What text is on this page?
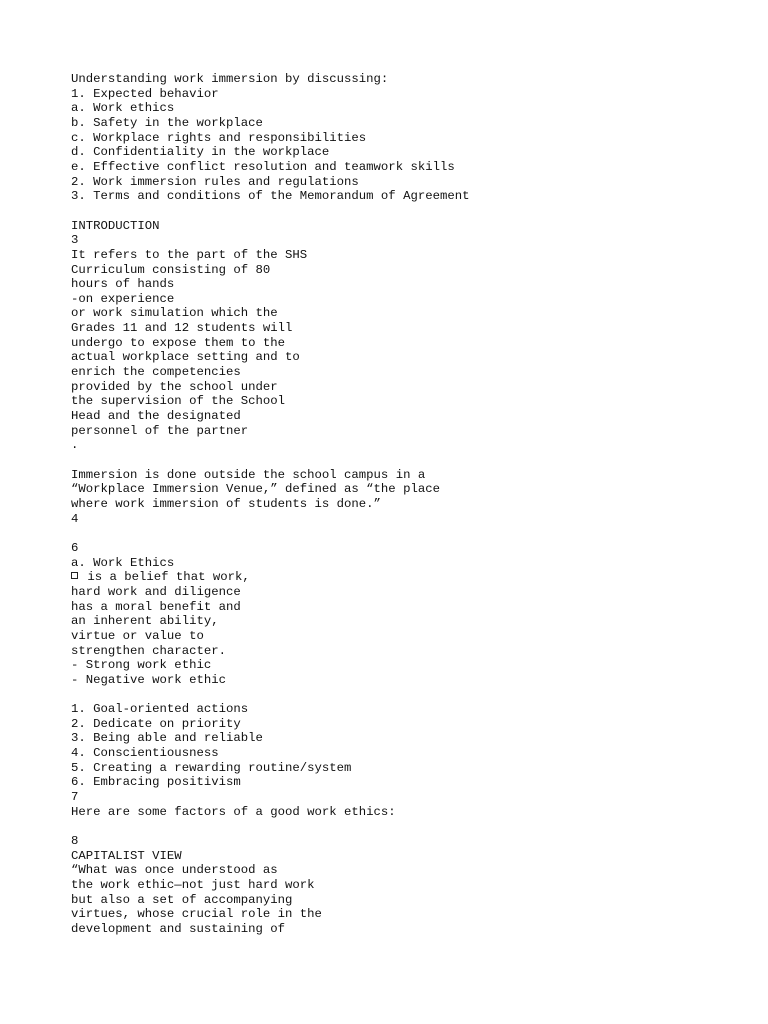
Understanding work immersion by discussing:
1. Expected behavior
a. Work ethics
b. Safety in the workplace
c. Workplace rights and responsibilities
d. Confidentiality in the workplace
e. Effective conflict resolution and teamwork skills
2. Work immersion rules and regulations
3. Terms and conditions of the Memorandum of Agreement
INTRODUCTION
3
It refers to the part of the SHS
Curriculum consisting of 80
hours of hands
-on experience
or work simulation which the
Grades 11 and 12 students will
undergo to expose them to the
actual workplace setting and to
enrich the competencies
provided by the school under
the supervision of the School
Head and the designated
personnel of the partner
.
Immersion is done outside the school campus in a
“Workplace Immersion Venue,” defined as “the place
where work immersion of students is done.”
4
6
a. Work Ethics
is a belief that work,
hard work and diligence
has a moral benefit and
an inherent ability,
virtue or value to
strengthen character.
- Strong work ethic
- Negative work ethic
1. Goal-oriented actions
2. Dedicate on priority
3. Being able and reliable
4. Conscientiousness
5. Creating a rewarding routine/system
6. Embracing positivism
7
Here are some factors of a good work ethics:
8
CAPITALIST VIEW
“What was once understood as
the work ethic—not just hard work
but also a set of accompanying
virtues, whose crucial role in the
development and sustaining of
